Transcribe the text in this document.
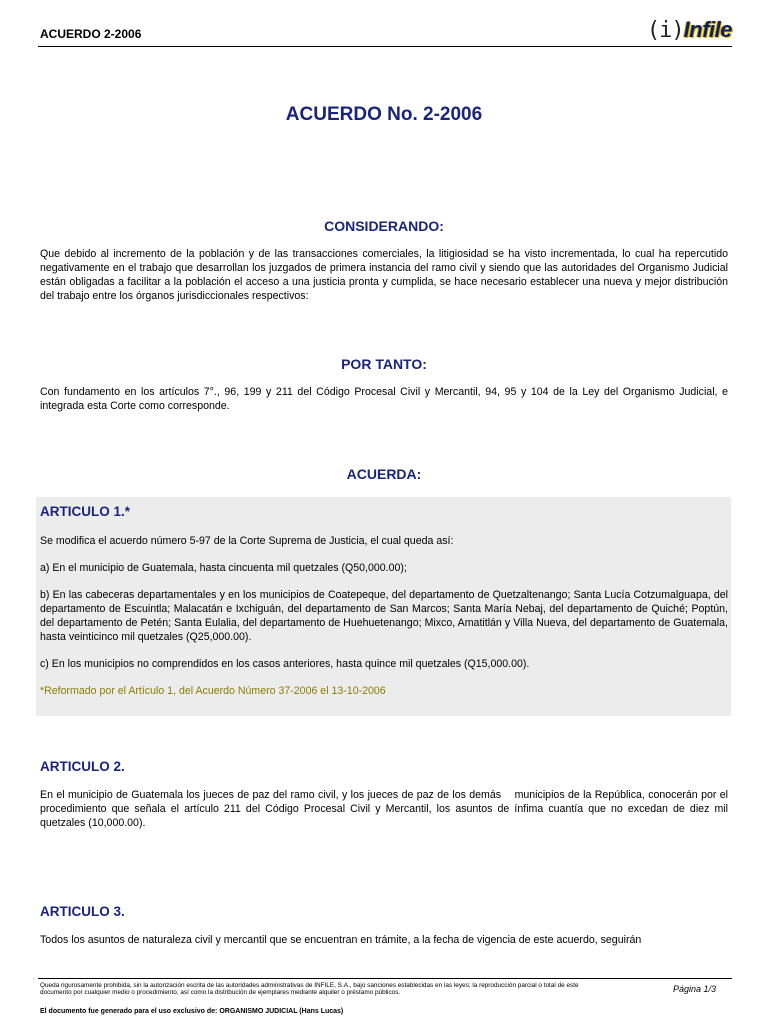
ACUERDO 2-2006	(i) Infile
ACUERDO No. 2-2006
CONSIDERANDO:

Que debido al incremento de la población y de las transacciones comerciales, la litigiosidad se ha visto incrementada, lo cual ha repercutido negativamente en el trabajo que desarrollan los juzgados de primera instancia del ramo civil y siendo que las autoridades del Organismo Judicial están obligadas a facilitar a la población el acceso a una justicia pronta y cumplida, se hace necesario establecer una nueva y mejor distribución del trabajo entre los órganos jurisdiccionales respectivos:

POR TANTO:

Con fundamento en los artículos 7°., 96, 199 y 211 del Código Procesal Civil y Mercantil, 94, 95 y 104 de la Ley del Organismo Judicial, e integrada esta Corte como corresponde.

ACUERDA:
ARTICULO 1.*

Se modifica el acuerdo número 5-97 de la Corte Suprema de Justicia, el cual queda así:

a) En el municipio de Guatemala, hasta cincuenta mil quetzales (Q50,000.00);

b) En las cabeceras departamentales y en los municipios de Coatepeque, del departamento de Quetzaltenango; Santa Lucía Cotzumalguapa, del departamento de Escuintla; Malacatán e Ixchiguán, del departamento de San Marcos; Santa María Nebaj, del departamento de Quiché; Poptún, del departamento de Petén; Santa Eulalia, del departamento de Huehuetenango; Mixco, Amatitlán y Villa Nueva, del departamento de Guatemala, hasta veinticinco mil quetzales (Q25,000.00).

c) En los municipios no comprendidos en los casos anteriores, hasta quince mil quetzales (Q15,000.00).

*Reformado por el Artículo 1, del Acuerdo Número 37-2006 el 13-10-2006

ARTICULO 2.

En el municipio de Guatemala los jueces de paz del ramo civil, y los jueces de paz de los demás    municipios de la República, conocerán por el procedimiento que señala el artículo 211 del Código Procesal Civil y Mercantil, los asuntos de ínfima cuantía que no excedan de diez mil quetzales (10,000.00).

ARTICULO 3.

Todos los asuntos de naturaleza civil y mercantil que se encuentran en trámite, a la fecha de vigencia de este acuerdo, seguirán

Queda rigurosamente prohibida, sin la autorización escrita de las autoridades administrativas de INFILE, S.A., bajo sanciones establecidas en las leyes; la reproducción parcial o total de este documento por cualquier medio o procedimiento, así como la distribución de ejemplares mediante alquiler o préstamo públicos.	Página 1/3
El documento fue generado para el uso exclusivo de: ORGANISMO JUDICIAL (Hans Lucas)
